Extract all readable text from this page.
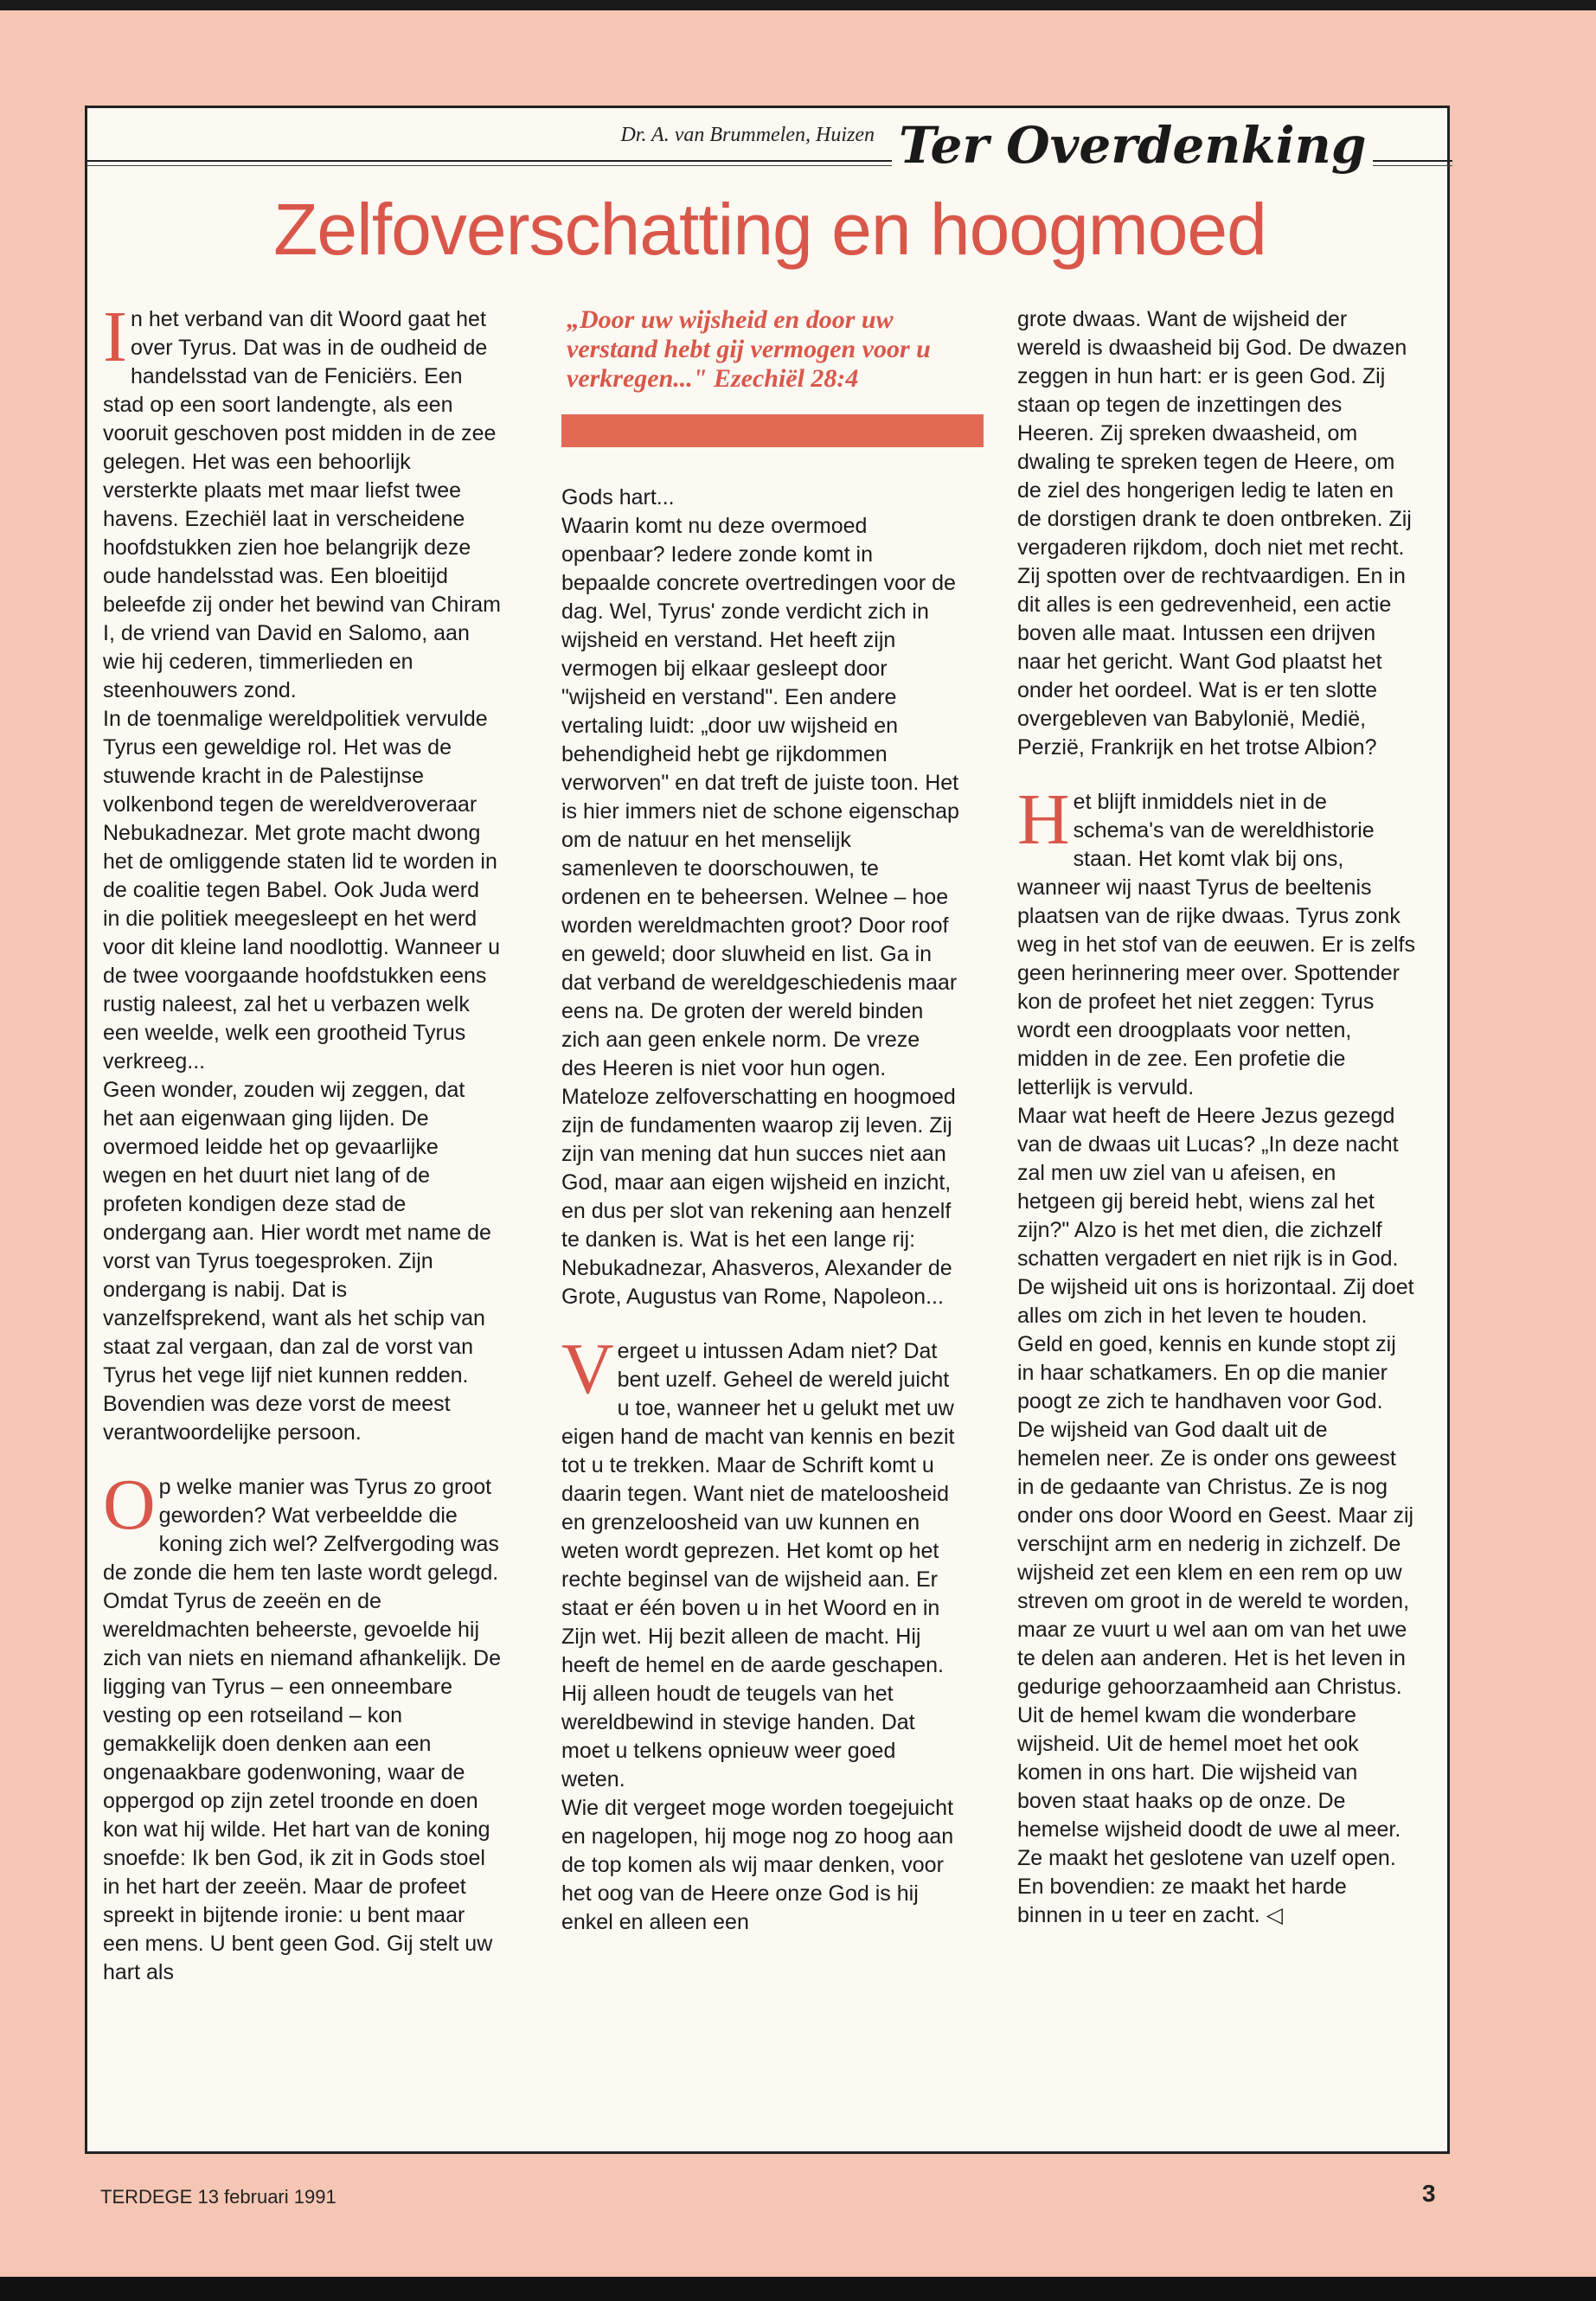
Dr. A. van Brummelen, Huizen Ter Overdenking
Zelfoverschatting en hoogmoed

In het verband van dit Woord gaat het over Tyrus. Dat was in de oudheid de handelsstad van de Feniciërs. Een stad op een soort landengte, als een vooruit geschoven post midden in de zee gelegen. Het was een behoorlijk versterkte plaats met maar liefst twee havens. Ezechiël laat in verscheidene hoofdstukken zien hoe belangrijk deze oude handelsstad was. Een bloeitijd beleefde zij onder het bewind van Chiram I, de vriend van David en Salomo, aan wie hij cederen, timmerlieden en steenhouwers zond.

In de toenmalige wereldpolitiek vervulde Tyrus een geweldige rol. Het was de stuwende kracht in de Palestijnse volkenbond tegen de wereldveroveraar Nebukadnezar. Met grote macht dwong het de omliggende staten lid te worden in de coalitie tegen Babel. Ook Juda werd in die politiek meegesleept en het werd voor dit kleine land noodlottig. Wanneer u de twee voorgaande hoofdstukken eens rustig naleest, zal het u verbazen welk een weelde, welk een grootheid Tyrus verkreeg...

Geen wonder, zouden wij zeggen, dat het aan eigenwaan ging lijden. De overmoed leidde het op gevaarlijke wegen en het duurt niet lang of de profeten kondigen deze stad de ondergang aan. Hier wordt met name de vorst van Tyrus toegesproken. Zijn ondergang is nabij. Dat is vanzelfsprekend, want als het schip van staat zal vergaan, dan zal de vorst van Tyrus het vege lijf niet kunnen redden. Bovendien was deze vorst de meest verantwoordelijke persoon.

Op welke manier was Tyrus zo groot geworden? Wat verbeeldde die koning zich wel? Zelfvergoding was de zonde die hem ten laste wordt gelegd. Omdat Tyrus de zeeën en de wereldmachten beheerste, gevoelde hij zich van niets en niemand afhankelijk. De ligging van Tyrus – een onneembare vesting op een rotseiland – kon gemakkelijk doen denken aan een ongenaakbare godenwoning, waar de oppergod op zijn zetel troonde en doen kon wat hij wilde. Het hart van de koning snoefde: Ik ben God, ik zit in Gods stoel in het hart der zeeën. Maar de profeet spreekt in bijtende ironie: u bent maar een mens. U bent geen God. Gij stelt uw hart als

„Door uw wijsheid en door uw verstand hebt gij vermogen voor u verkregen..." Ezechiël 28:4

Gods hart...

Waarin komt nu deze overmoed openbaar? Iedere zonde komt in bepaalde concrete overtredingen voor de dag. Wel, Tyrus' zonde verdicht zich in wijsheid en verstand. Het heeft zijn vermogen bij elkaar gesleept door "wijsheid en verstand". Een andere vertaling luidt: „door uw wijsheid en behendigheid hebt ge rijkdommen verworven" en dat treft de juiste toon. Het is hier immers niet de schone eigenschap om de natuur en het menselijk samenleven te doorschouwen, te ordenen en te beheersen. Welnee – hoe worden wereldmachten groot? Door roof en geweld; door sluwheid en list. Ga in dat verband de wereldgeschiedenis maar eens na. De groten der wereld binden zich aan geen enkele norm. De vreze des Heeren is niet voor hun ogen. Mateloze zelfoverschatting en hoogmoed zijn de fundamenten waarop zij leven. Zij zijn van mening dat hun succes niet aan God, maar aan eigen wijsheid en inzicht, en dus per slot van rekening aan henzelf te danken is. Wat is het een lange rij: Nebukadnezar, Ahasveros, Alexander de Grote, Augustus van Rome, Napoleon...

Vergeet u intussen Adam niet? Dat bent uzelf. Geheel de wereld juicht u toe, wanneer het u gelukt met uw eigen hand de macht van kennis en bezit tot u te trekken. Maar de Schrift komt u daarin tegen. Want niet de mateloosheid en grenzeloosheid van uw kunnen en weten wordt geprezen. Het komt op het rechte beginsel van de wijsheid aan. Er staat er één boven u in het Woord en in Zijn wet. Hij bezit alleen de macht. Hij heeft de hemel en de aarde geschapen. Hij alleen houdt de teugels van het wereldbewind in stevige handen. Dat moet u telkens opnieuw weer goed weten.

Wie dit vergeet moge worden toegejuicht en nagelopen, hij moge nog zo hoog aan de top komen als wij maar denken, voor het oog van de Heere onze God is hij enkel en alleen een

grote dwaas. Want de wijsheid der wereld is dwaasheid bij God. De dwazen zeggen in hun hart: er is geen God. Zij staan op tegen de inzettingen des Heeren. Zij spreken dwaasheid, om dwaling te spreken tegen de Heere, om de ziel des hongerigen ledig te laten en de dorstigen drank te doen ontbreken. Zij vergaderen rijkdom, doch niet met recht. Zij spotten over de rechtvaardigen. En in dit alles is een gedrevenheid, een actie boven alle maat. Intussen een drijven naar het gericht. Want God plaatst het onder het oordeel. Wat is er ten slotte overgebleven van Babylonië, Medië, Perzië, Frankrijk en het trotse Albion?

Het blijft inmiddels niet in de schema's van de wereldhistorie staan. Het komt vlak bij ons, wanneer wij naast Tyrus de beeltenis plaatsen van de rijke dwaas. Tyrus zonk weg in het stof van de eeuwen. Er is zelfs geen herinnering meer over. Spottender kon de profeet het niet zeggen: Tyrus wordt een droogplaats voor netten, midden in de zee. Een profetie die letterlijk is vervuld.

Maar wat heeft de Heere Jezus gezegd van de dwaas uit Lucas? „In deze nacht zal men uw ziel van u afeisen, en hetgeen gij bereid hebt, wiens zal het zijn?" Alzo is het met dien, die zichzelf schatten vergadert en niet rijk is in God. De wijsheid uit ons is horizontaal. Zij doet alles om zich in het leven te houden. Geld en goed, kennis en kunde stopt zij in haar schatkamers. En op die manier poogt ze zich te handhaven voor God.

De wijsheid van God daalt uit de hemelen neer. Ze is onder ons geweest in de gedaante van Christus. Ze is nog onder ons door Woord en Geest. Maar zij verschijnt arm en nederig in zichzelf. De wijsheid zet een klem en een rem op uw streven om groot in de wereld te worden, maar ze vuurt u wel aan om van het uwe te delen aan anderen. Het is het leven in gedurige gehoorzaamheid aan Christus. Uit de hemel kwam die wonderbare wijsheid. Uit de hemel moet het ook komen in ons hart. Die wijsheid van boven staat haaks op de onze. De hemelse wijsheid doodt de uwe al meer. Ze maakt het geslotene van uzelf open. En bovendien: ze maakt het harde binnen in u teer en zacht. ◁

TERDEGE 13 februari 1991	3
